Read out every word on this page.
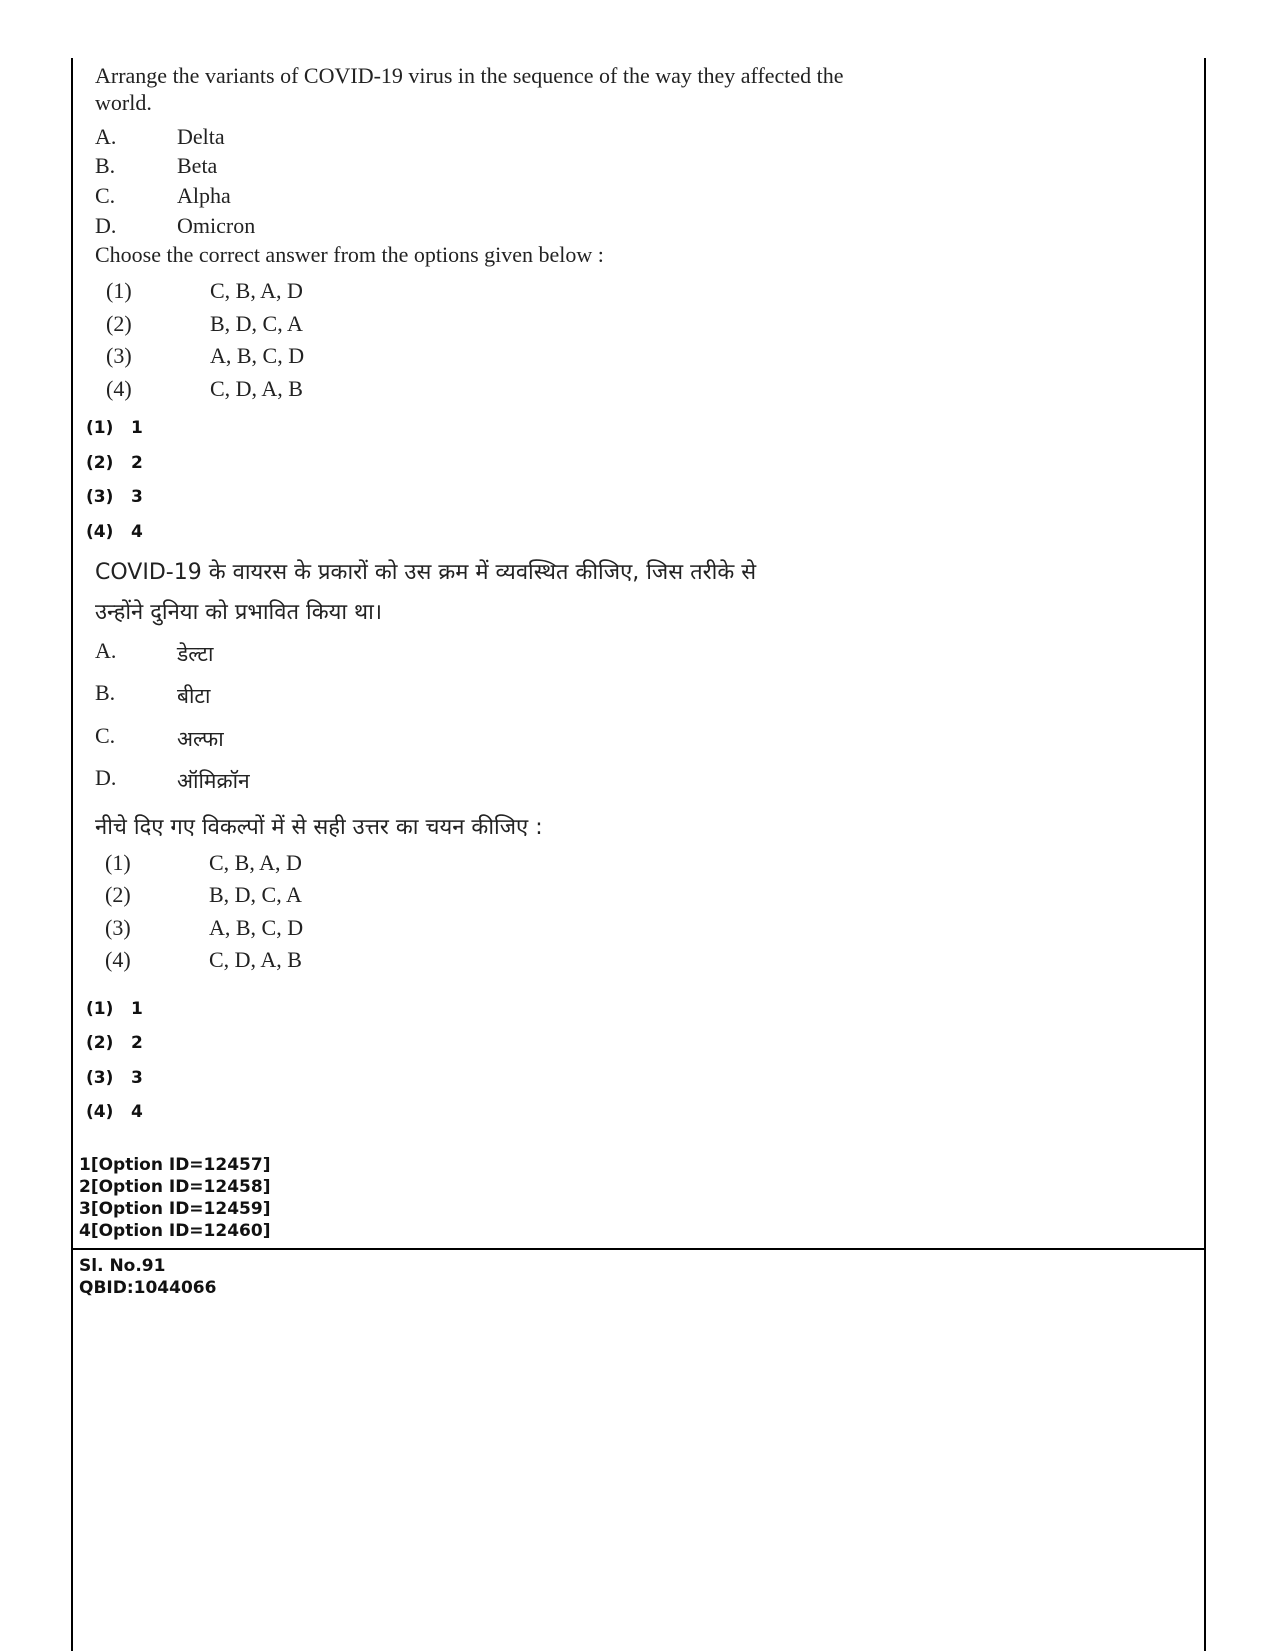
Arrange the variants of COVID-19 virus in the sequence of the way they affected the
world.
A.	Delta
B.	Beta
C.	Alpha
D.	Omicron
Choose the correct answer from the options given below :
(1)	C, B, A, D
(2)	B, D, C, A
(3)	A, B, C, D
(4)	C, D, A, B
(1) 1
(2) 2
(3) 3
(4) 4
COVID-19 के वायरस के प्रकारों को उस क्रम में व्यवस्थित कीजिए, जिस तरीके से
उन्होंने दुनिया को प्रभावित किया था।
A.	डेल्टा
B.	बीटा
C.	अल्फा
D.	ऑमिक्रॉन
नीचे दिए गए विकल्पों में से सही उत्तर का चयन कीजिए :
(1)	C, B, A, D
(2)	B, D, C, A
(3)	A, B, C, D
(4)	C, D, A, B
(1) 1
(2) 2
(3) 3
(4) 4
1[Option ID=12457]
2[Option ID=12458]
3[Option ID=12459]
4[Option ID=12460]
Sl. No.91
QBID:1044066
